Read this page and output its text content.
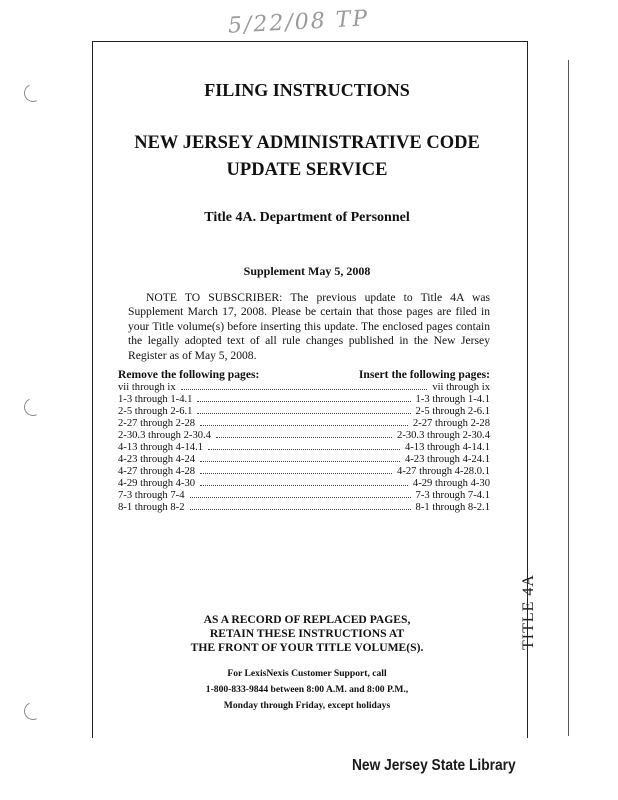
5/22/08 TP
FILING INSTRUCTIONS
NEW JERSEY ADMINISTRATIVE CODE
UPDATE SERVICE
Title 4A. Department of Personnel
Supplement May 5, 2008
NOTE TO SUBSCRIBER: The previous update to Title 4A was Supplement March 17, 2008. Please be certain that those pages are filed in your Title volume(s) before inserting this update. The enclosed pages contain the legally adopted text of all rule changes published in the New Jersey Register as of May 5, 2008.
Remove the following pages:	Insert the following pages:
vii through ix	vii through ix
1-3 through 1-4.1	1-3 through 1-4.1
2-5 through 2-6.1	2-5 through 2-6.1
2-27 through 2-28	2-27 through 2-28
2-30.3 through 2-30.4	2-30.3 through 2-30.4
4-13 through 4-14.1	4-13 through 4-14.1
4-23 through 4-24	4-23 through 4-24.1
4-27 through 4-28	4-27 through 4-28.0.1
4-29 through 4-30	4-29 through 4-30
7-3 through 7-4	7-3 through 7-4.1
8-1 through 8-2	8-1 through 8-2.1
AS A RECORD OF REPLACED PAGES,
RETAIN THESE INSTRUCTIONS AT
THE FRONT OF YOUR TITLE VOLUME(S).
For LexisNexis Customer Support, call
1-800-833-9844 between 8:00 A.M. and 8:00 P.M.,
Monday through Friday, except holidays
TITLE 4A
New Jersey State Library
